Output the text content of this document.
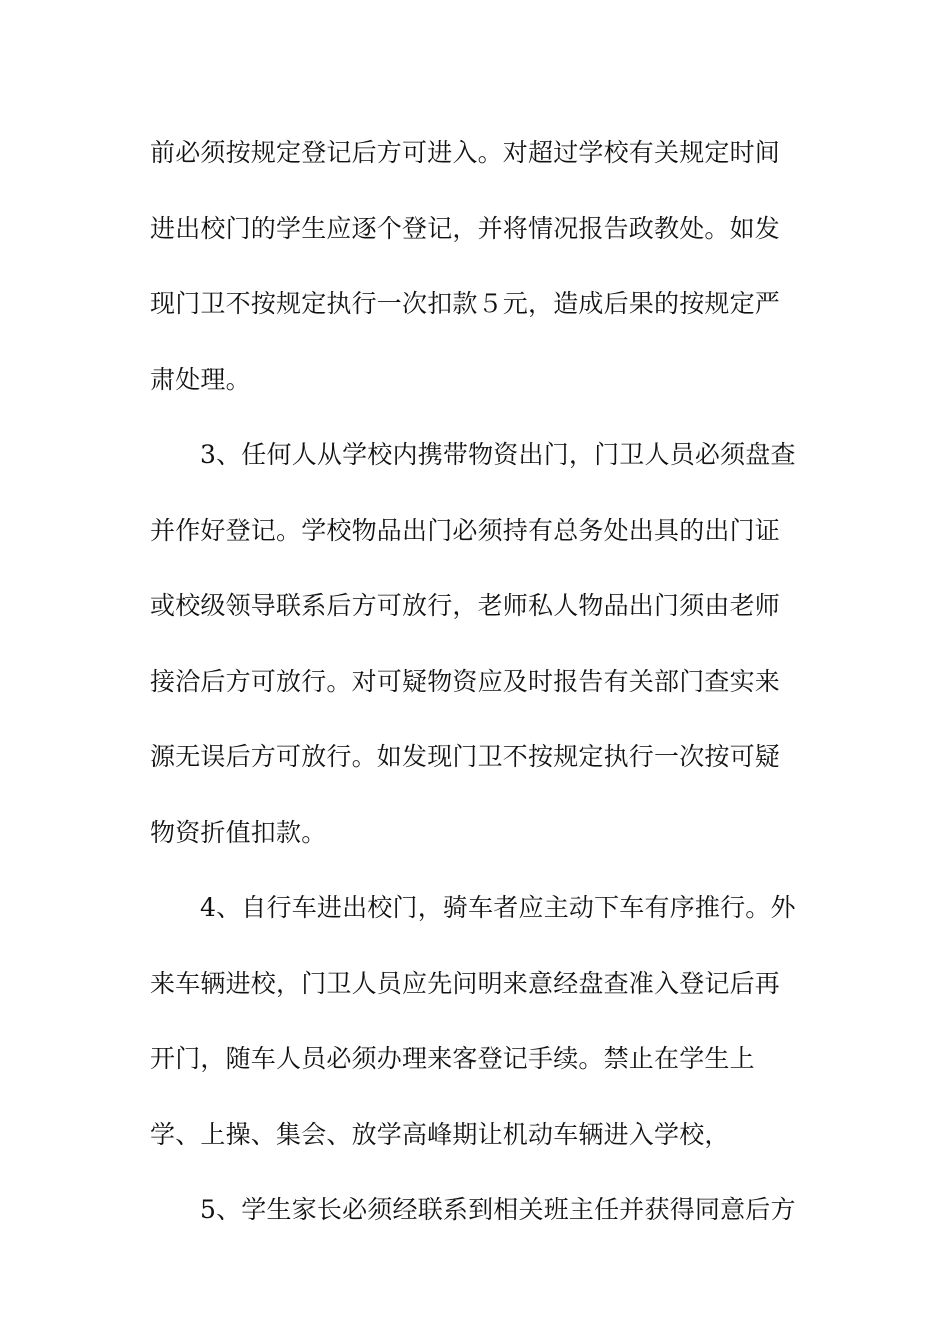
前必须按规定登记后方可进入。对超过学校有关规定时间
进出校门的学生应逐个登记，并将情况报告政教处。如发
现门卫不按规定执行一次扣款５元，造成后果的按规定严
肃处理。
3、任何人从学校内携带物资出门，门卫人员必须盘查
并作好登记。学校物品出门必须持有总务处出具的出门证
或校级领导联系后方可放行，老师私人物品出门须由老师
接洽后方可放行。对可疑物资应及时报告有关部门查实来
源无误后方可放行。如发现门卫不按规定执行一次按可疑
物资折值扣款。
4、自行车进出校门，骑车者应主动下车有序推行。外
来车辆进校，门卫人员应先问明来意经盘查准入登记后再
开门，随车人员必须办理来客登记手续。禁止在学生上
学、上操、集会、放学高峰期让机动车辆进入学校，
5、学生家长必须经联系到相关班主任并获得同意后方
